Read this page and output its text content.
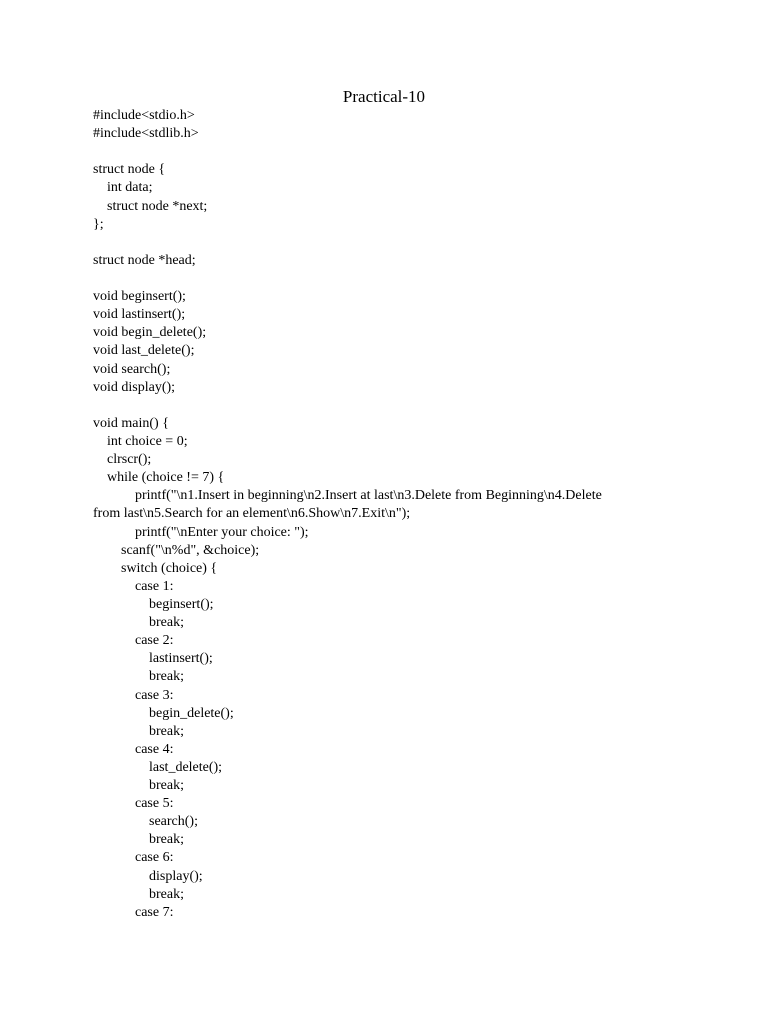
Practical-10
#include<stdio.h>
#include<stdlib.h>
struct node {
int data;
struct node *next;
};
struct node *head;
void beginsert();
void lastinsert();
void begin_delete();
void last_delete();
void search();
void display();
void main() {
int choice = 0;
clrscr();
while (choice != 7) {
printf("\n1.Insert in beginning\n2.Insert at last\n3.Delete from Beginning\n4.Delete
from last\n5.Search for an element\n6.Show\n7.Exit\n");
printf("\nEnter your choice: ");
scanf("\n%d", &choice);
switch (choice) {
case 1:
beginsert();
break;
case 2:
lastinsert();
break;
case 3:
begin_delete();
break;
case 4:
last_delete();
break;
case 5:
search();
break;
case 6:
display();
break;
case 7:
